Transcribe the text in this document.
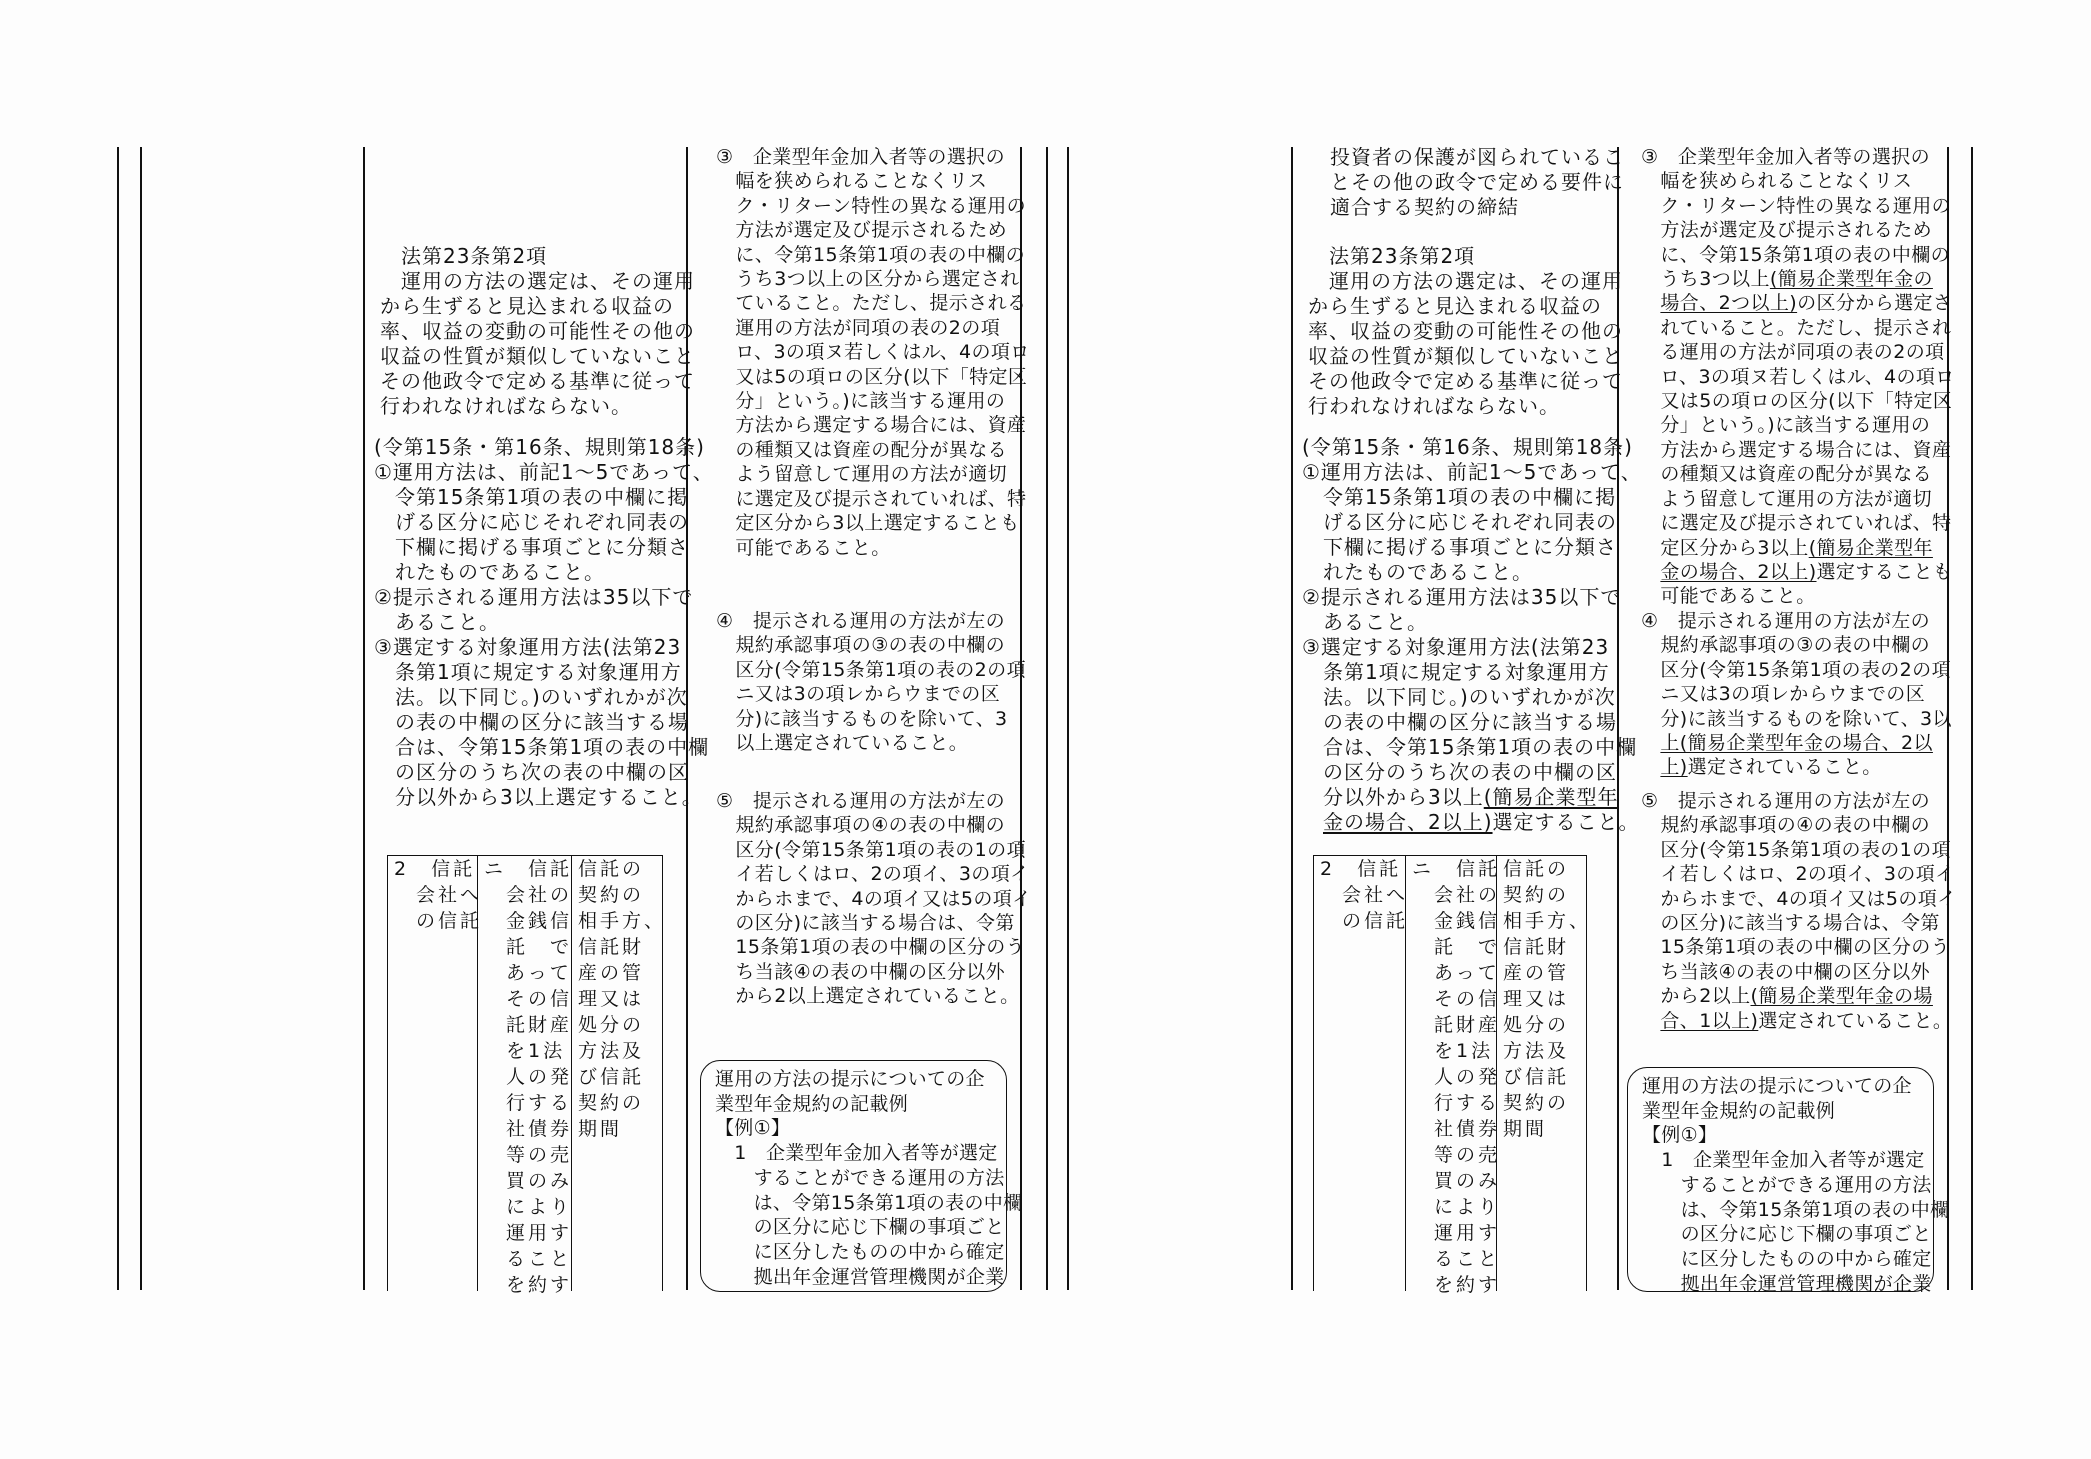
　法第23条第2項
　運用の方法の選定は、その運用
から生ずると見込まれる収益の
率、収益の変動の可能性その他の
収益の性質が類似していないこと
その他政令で定める基準に従って
行われなければならない。
(令第15条・第16条、規則第18条)
①運用方法は、前記1～5であって、
　令第15条第1項の表の中欄に掲
　げる区分に応じそれぞれ同表の
　下欄に掲げる事項ごとに分類さ
　れたものであること。
②提示される運用方法は35以下で
　あること。
③選定する対象運用方法(法第23
　条第1項に規定する対象運用方
　法。以下同じ。)のいずれかが次
　の表の中欄の区分に該当する場
　合は、令第15条第1項の表の中欄
　の区分のうち次の表の中欄の区
　分以外から3以上選定すること。
2　信託
　会社へ
　の信託
ニ　信託
　会社の
　金銭信
　託　で
　あって
　その信
　託財産
　を1法
　人の発
　行する
　社債券
　等の売
　買のみ
　により
　運用す
　ること
　を約す
信託の
契約の
相手方、
信託財
産の管
理又は
処分の
方法及
び信託
契約の
期間
③　企業型年金加入者等の選択の
　幅を狭められることなくリス
　ク・リターン特性の異なる運用の
　方法が選定及び提示されるため
　に、令第15条第1項の表の中欄の
　うち3つ以上の区分から選定され
　ていること。ただし、提示される
　運用の方法が同項の表の2の項
　ロ、3の項ヌ若しくはル、4の項ロ
　又は5の項ロの区分(以下「特定区
　分」という。)に該当する運用の
　方法から選定する場合には、資産
　の種類又は資産の配分が異なる
　よう留意して運用の方法が適切
　に選定及び提示されていれば、特
　定区分から3以上選定することも
　可能であること。
④　提示される運用の方法が左の
　規約承認事項の③の表の中欄の
　区分(令第15条第1項の表の2の項
　ニ又は3の項レからウまでの区
　分)に該当するものを除いて、3
　以上選定されていること。
⑤　提示される運用の方法が左の
　規約承認事項の④の表の中欄の
　区分(令第15条第1項の表の1の項
　イ若しくはロ、2の項イ、3の項イ
　からホまで、4の項イ又は5の項イ
　の区分)に該当する場合は、令第
　15条第1項の表の中欄の区分のう
　ち当該④の表の中欄の区分以外
　から2以上選定されていること。
運用の方法の提示についての企
業型年金規約の記載例
【例①】
　1　企業型年金加入者等が選定
　　することができる運用の方法
　　は、令第15条第1項の表の中欄
　　の区分に応じ下欄の事項ごと
　　に区分したものの中から確定
　　拠出年金運営管理機関が企業
投資者の保護が図られているこ
とその他の政令で定める要件に
適合する契約の締結
　法第23条第2項
　運用の方法の選定は、その運用
から生ずると見込まれる収益の
率、収益の変動の可能性その他の
収益の性質が類似していないこと
その他政令で定める基準に従って
行われなければならない。
(令第15条・第16条、規則第18条)
①運用方法は、前記1～5であって、
　令第15条第1項の表の中欄に掲
　げる区分に応じそれぞれ同表の
　下欄に掲げる事項ごとに分類さ
　れたものであること。
②提示される運用方法は35以下で
　あること。
③選定する対象運用方法(法第23
　条第1項に規定する対象運用方
　法。以下同じ。)のいずれかが次
　の表の中欄の区分に該当する場
　合は、令第15条第1項の表の中欄
　の区分のうち次の表の中欄の区
　分以外から3以上(簡易企業型年
　金の場合、2以上)選定すること。
2　信託
　会社へ
　の信託
ニ　信託
　会社の
　金銭信
　託　で
　あって
　その信
　託財産
　を1法
　人の発
　行する
　社債券
　等の売
　買のみ
　により
　運用す
　ること
　を約す
信託の
契約の
相手方、
信託財
産の管
理又は
処分の
方法及
び信託
契約の
期間
③　企業型年金加入者等の選択の
　幅を狭められることなくリス
　ク・リターン特性の異なる運用の
　方法が選定及び提示されるため
　に、令第15条第1項の表の中欄の
　うち3つ以上(簡易企業型年金の
　場合、2つ以上)の区分から選定さ
　れていること。ただし、提示され
　る運用の方法が同項の表の2の項
　ロ、3の項ヌ若しくはル、4の項ロ
　又は5の項ロの区分(以下「特定区
　分」という。)に該当する運用の
　方法から選定する場合には、資産
　の種類又は資産の配分が異なる
　よう留意して運用の方法が適切
　に選定及び提示されていれば、特
　定区分から3以上(簡易企業型年
　金の場合、2以上)選定することも
　可能であること。
④　提示される運用の方法が左の
　規約承認事項の③の表の中欄の
　区分(令第15条第1項の表の2の項
　ニ又は3の項レからウまでの区
　分)に該当するものを除いて、3以
　上(簡易企業型年金の場合、2以
　上)選定されていること。
⑤　提示される運用の方法が左の
　規約承認事項の④の表の中欄の
　区分(令第15条第1項の表の1の項
　イ若しくはロ、2の項イ、3の項イ
　からホまで、4の項イ又は5の項イ
　の区分)に該当する場合は、令第
　15条第1項の表の中欄の区分のう
　ち当該④の表の中欄の区分以外
　から2以上(簡易企業型年金の場
　合、1以上)選定されていること。
運用の方法の提示についての企
業型年金規約の記載例
【例①】
　1　企業型年金加入者等が選定
　　することができる運用の方法
　　は、令第15条第1項の表の中欄
　　の区分に応じ下欄の事項ごと
　　に区分したものの中から確定
　　拠出年金運営管理機関が企業
